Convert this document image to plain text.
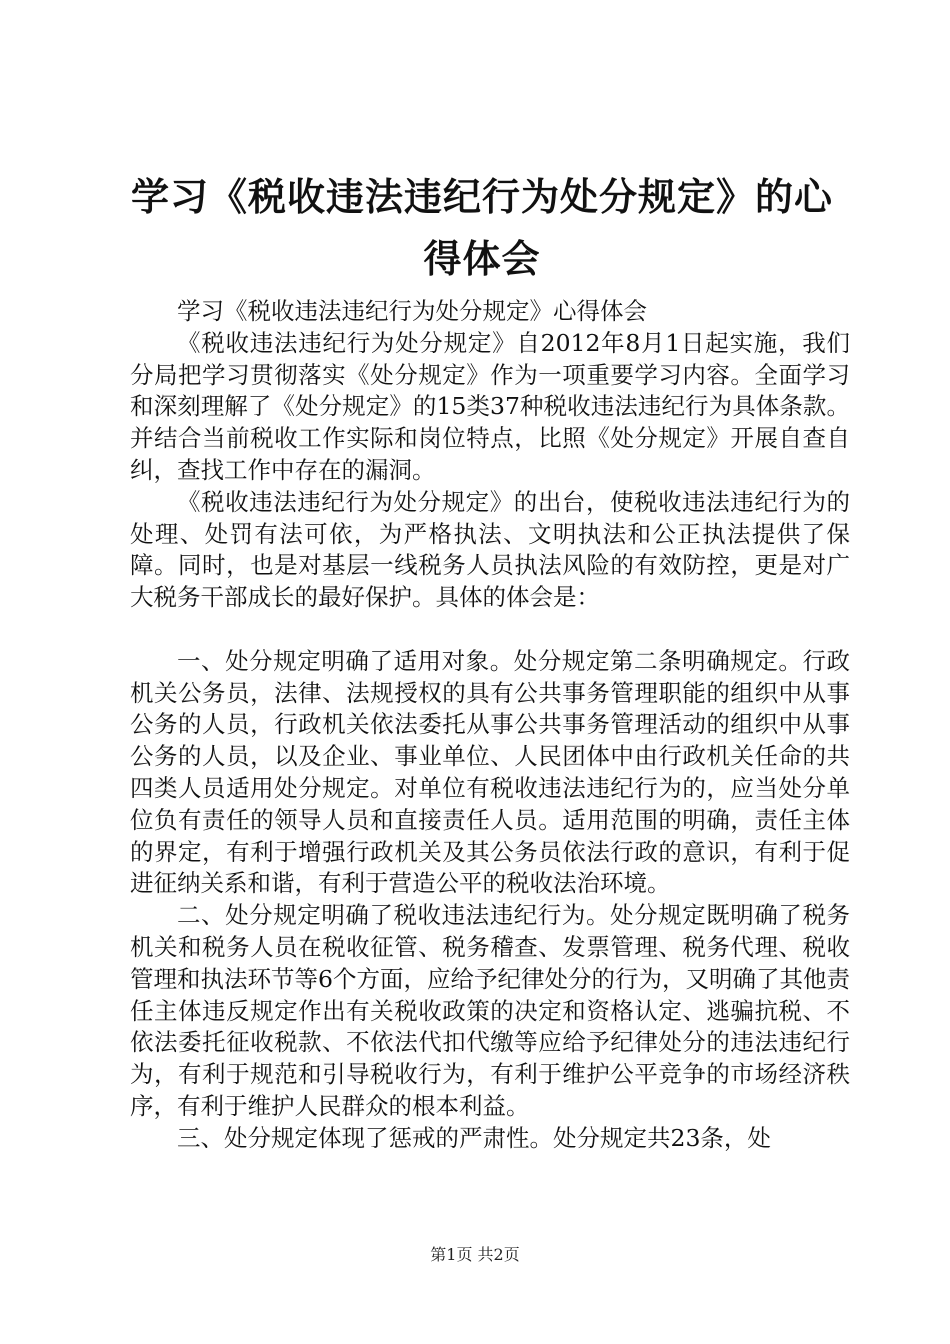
学习《税收违法违纪行为处分规定》的心得体会

学习《税收违法违纪行为处分规定》心得体会

《税收违法违纪行为处分规定》自2012年8月1日起实施，我们分局把学习贯彻落实《处分规定》作为一项重要学习内容。全面学习和深刻理解了《处分规定》的15类37种税收违法违纪行为具体条款。并结合当前税收工作实际和岗位特点，比照《处分规定》开展自查自纠，查找工作中存在的漏洞。

《税收违法违纪行为处分规定》的出台，使税收违法违纪行为的处理、处罚有法可依，为严格执法、文明执法和公正执法提供了保障。同时，也是对基层一线税务人员执法风险的有效防控，更是对广大税务干部成长的最好保护。具体的体会是：

一、处分规定明确了适用对象。处分规定第二条明确规定。行政机关公务员，法律、法规授权的具有公共事务管理职能的组织中从事公务的人员，行政机关依法委托从事公共事务管理活动的组织中从事公务的人员，以及企业、事业单位、人民团体中由行政机关任命的共四类人员适用处分规定。对单位有税收违法违纪行为的，应当处分单位负有责任的领导人员和直接责任人员。适用范围的明确，责任主体的界定，有利于增强行政机关及其公务员依法行政的意识，有利于促进征纳关系和谐，有利于营造公平的税收法治环境。

二、处分规定明确了税收违法违纪行为。处分规定既明确了税务机关和税务人员在税收征管、税务稽查、发票管理、税务代理、税收管理和执法环节等6个方面，应给予纪律处分的行为，又明确了其他责任主体违反规定作出有关税收政策的决定和资格认定、逃骗抗税、不依法委托征收税款、不依法代扣代缴等应给予纪律处分的违法违纪行为，有利于规范和引导税收行为，有利于维护公平竞争的市场经济秩序，有利于维护人民群众的根本利益。

三、处分规定体现了惩戒的严肃性。处分规定共23条，处

第1页 共2页
